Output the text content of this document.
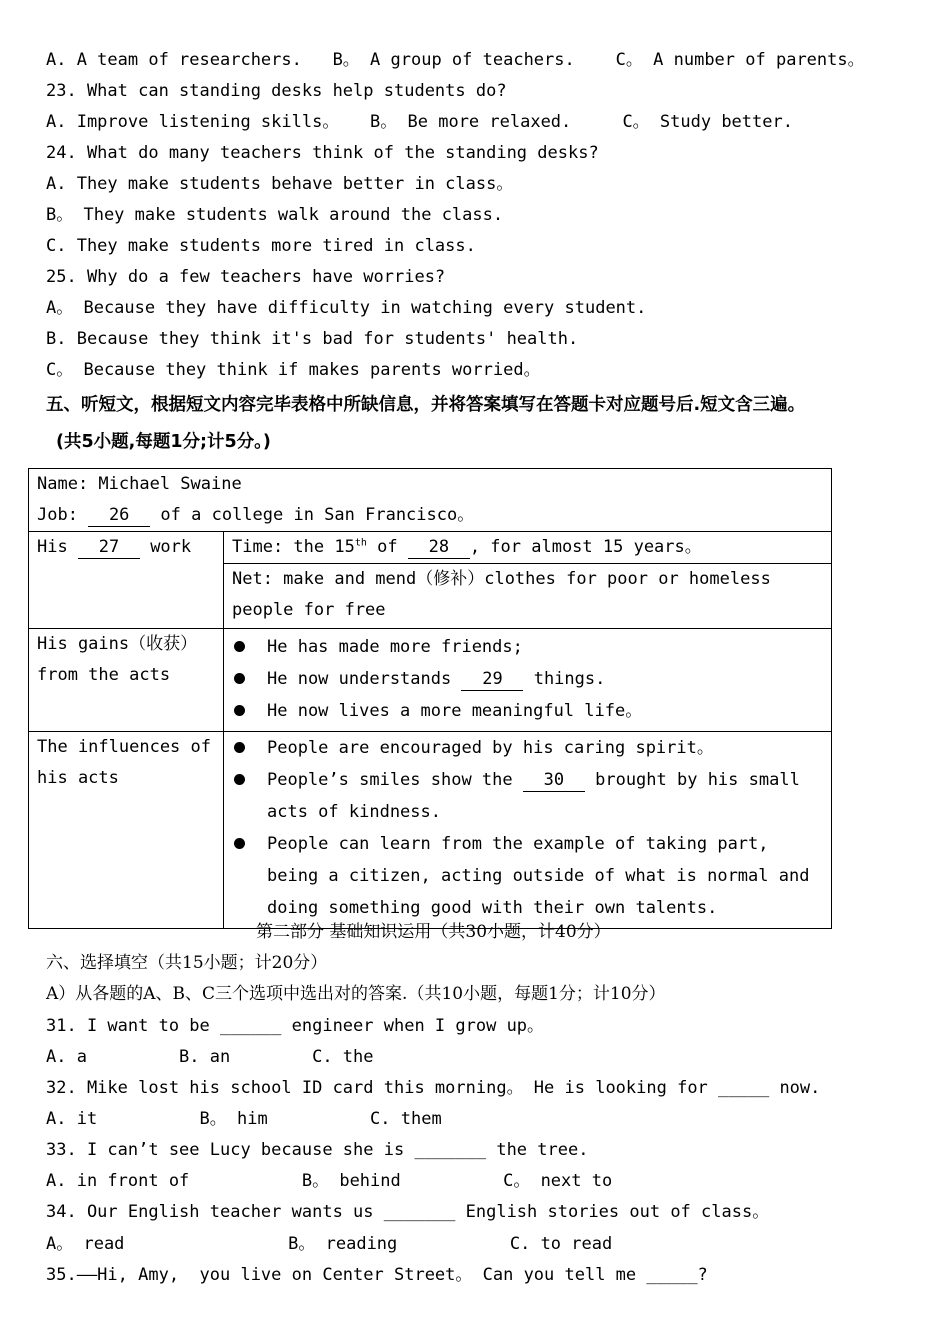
A. A team of researchers.   B。 A group of teachers.    C。 A number of parents。
23. What can standing desks help students do?
A. Improve listening skills。   B。 Be more relaxed.     C。 Study better.
24. What do many teachers think of the standing desks?
A. They make students behave better in class。
B。 They make students walk around the class.
C. They make students more tired in class.
25. Why do a few teachers have worries?
A。 Because they have difficulty in watching every student.
B. Because they think it's bad for students' health.
C。 Because they think if makes parents worried。
五、听短文，根据短文内容完毕表格中所缺信息，并将答案填写在答题卡对应题号后.短文含三遍。
(共5小题,每题1分;计5分。)
Name: Michael Swaine
Job: 26 of a college in San Francisco。	

His 27 work	Time: the 15th of 28 , for almost 15 years。
	Net: make and mend（修补）clothes for poor or homeless people for free
His gains（收获）from the acts	He has made more friends;
He now understands 29 things.
He now lives a more meaningful life。

The influences of his acts	People are encouraged by his caring spirit。
People’s smiles show the 30 brought by his small acts of kindness.
People can learn from the example of taking part, being a citizen, acting outside of what is normal and doing something good with their own talents.
第二部分 基础知识运用（共30小题，计40分）
六、选择填空（共15小题；计20分）
A）从各题的A、B、C三个选项中选出对的答案.（共10小题，每题1分；计10分）
31. I want to be ______ engineer when I grow up。
A. a         B. an        C. the
32. Mike lost his school ID card this morning。 He is looking for _____ now.
A. it          B。 him          C. them
33. I can’t see Lucy because she is _______ the tree.
A. in front of           B。 behind          C。 next to
34. Our English teacher wants us _______ English stories out of class。
A。 read                B。 reading           C. to read
35.——Hi, Amy,  you live on Center Street。 Can you tell me _____?
